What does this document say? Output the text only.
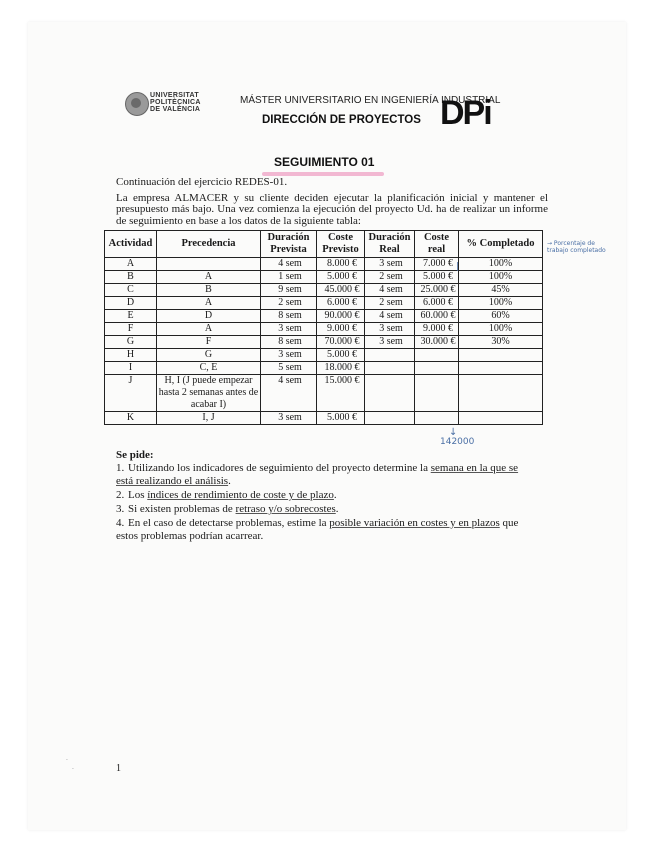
UNIVERSITAT
POLITÈCNICA
DE VALÈNCIA
MÁSTER UNIVERSITARIO EN INGENIERÍA INDUSTRIAL
DIRECCIÓN DE PROYECTOS DPi
SEGUIMIENTO 01
Continuación del ejercicio REDES-01.
La empresa ALMACER y su cliente deciden ejecutar la planificación inicial y mantener el presupuesto más bajo. Una vez comienza la ejecución del proyecto Ud. ha de realizar un informe de seguimiento en base a los datos de la siguiente tabla:
Actividad	Precedencia	Duración Prevista	Coste Previsto	Duración Real	Coste real	% Completado
A		4 sem	8.000 €	3 sem	7.000 €	100%
B	A	1 sem	5.000 €	2 sem	5.000 €	100%
C	B	9 sem	45.000 €	4 sem	25.000 €	45%
D	A	2 sem	6.000 €	2 sem	6.000 €	100%
E	D	8 sem	90.000 €	4 sem	60.000 €	60%
F	A	3 sem	9.000 €	3 sem	9.000 €	100%
G	F	8 sem	70.000 €	3 sem	30.000 €	30%
H	G	3 sem	5.000 €			
I	C, E	5 sem	18.000 €			
J	H, I (J puede empezar hasta 2 semanas antes de acabar I)	4 sem	15.000 €			
K	I, J	3 sem	5.000 €			
→ Porcentaje de trabajo completado
|
↓
142000
Se pide:
1. Utilizando los indicadores de seguimiento del proyecto determine la semana en la que se está realizando el análisis.
2. Los índices de rendimiento de coste y de plazo.
3. Si existen problemas de retraso y/o sobrecostes.
4. En el caso de detectarse problemas, estime la posible variación en costes y en plazos que estos problemas podrían acarrear.
1
·
·
